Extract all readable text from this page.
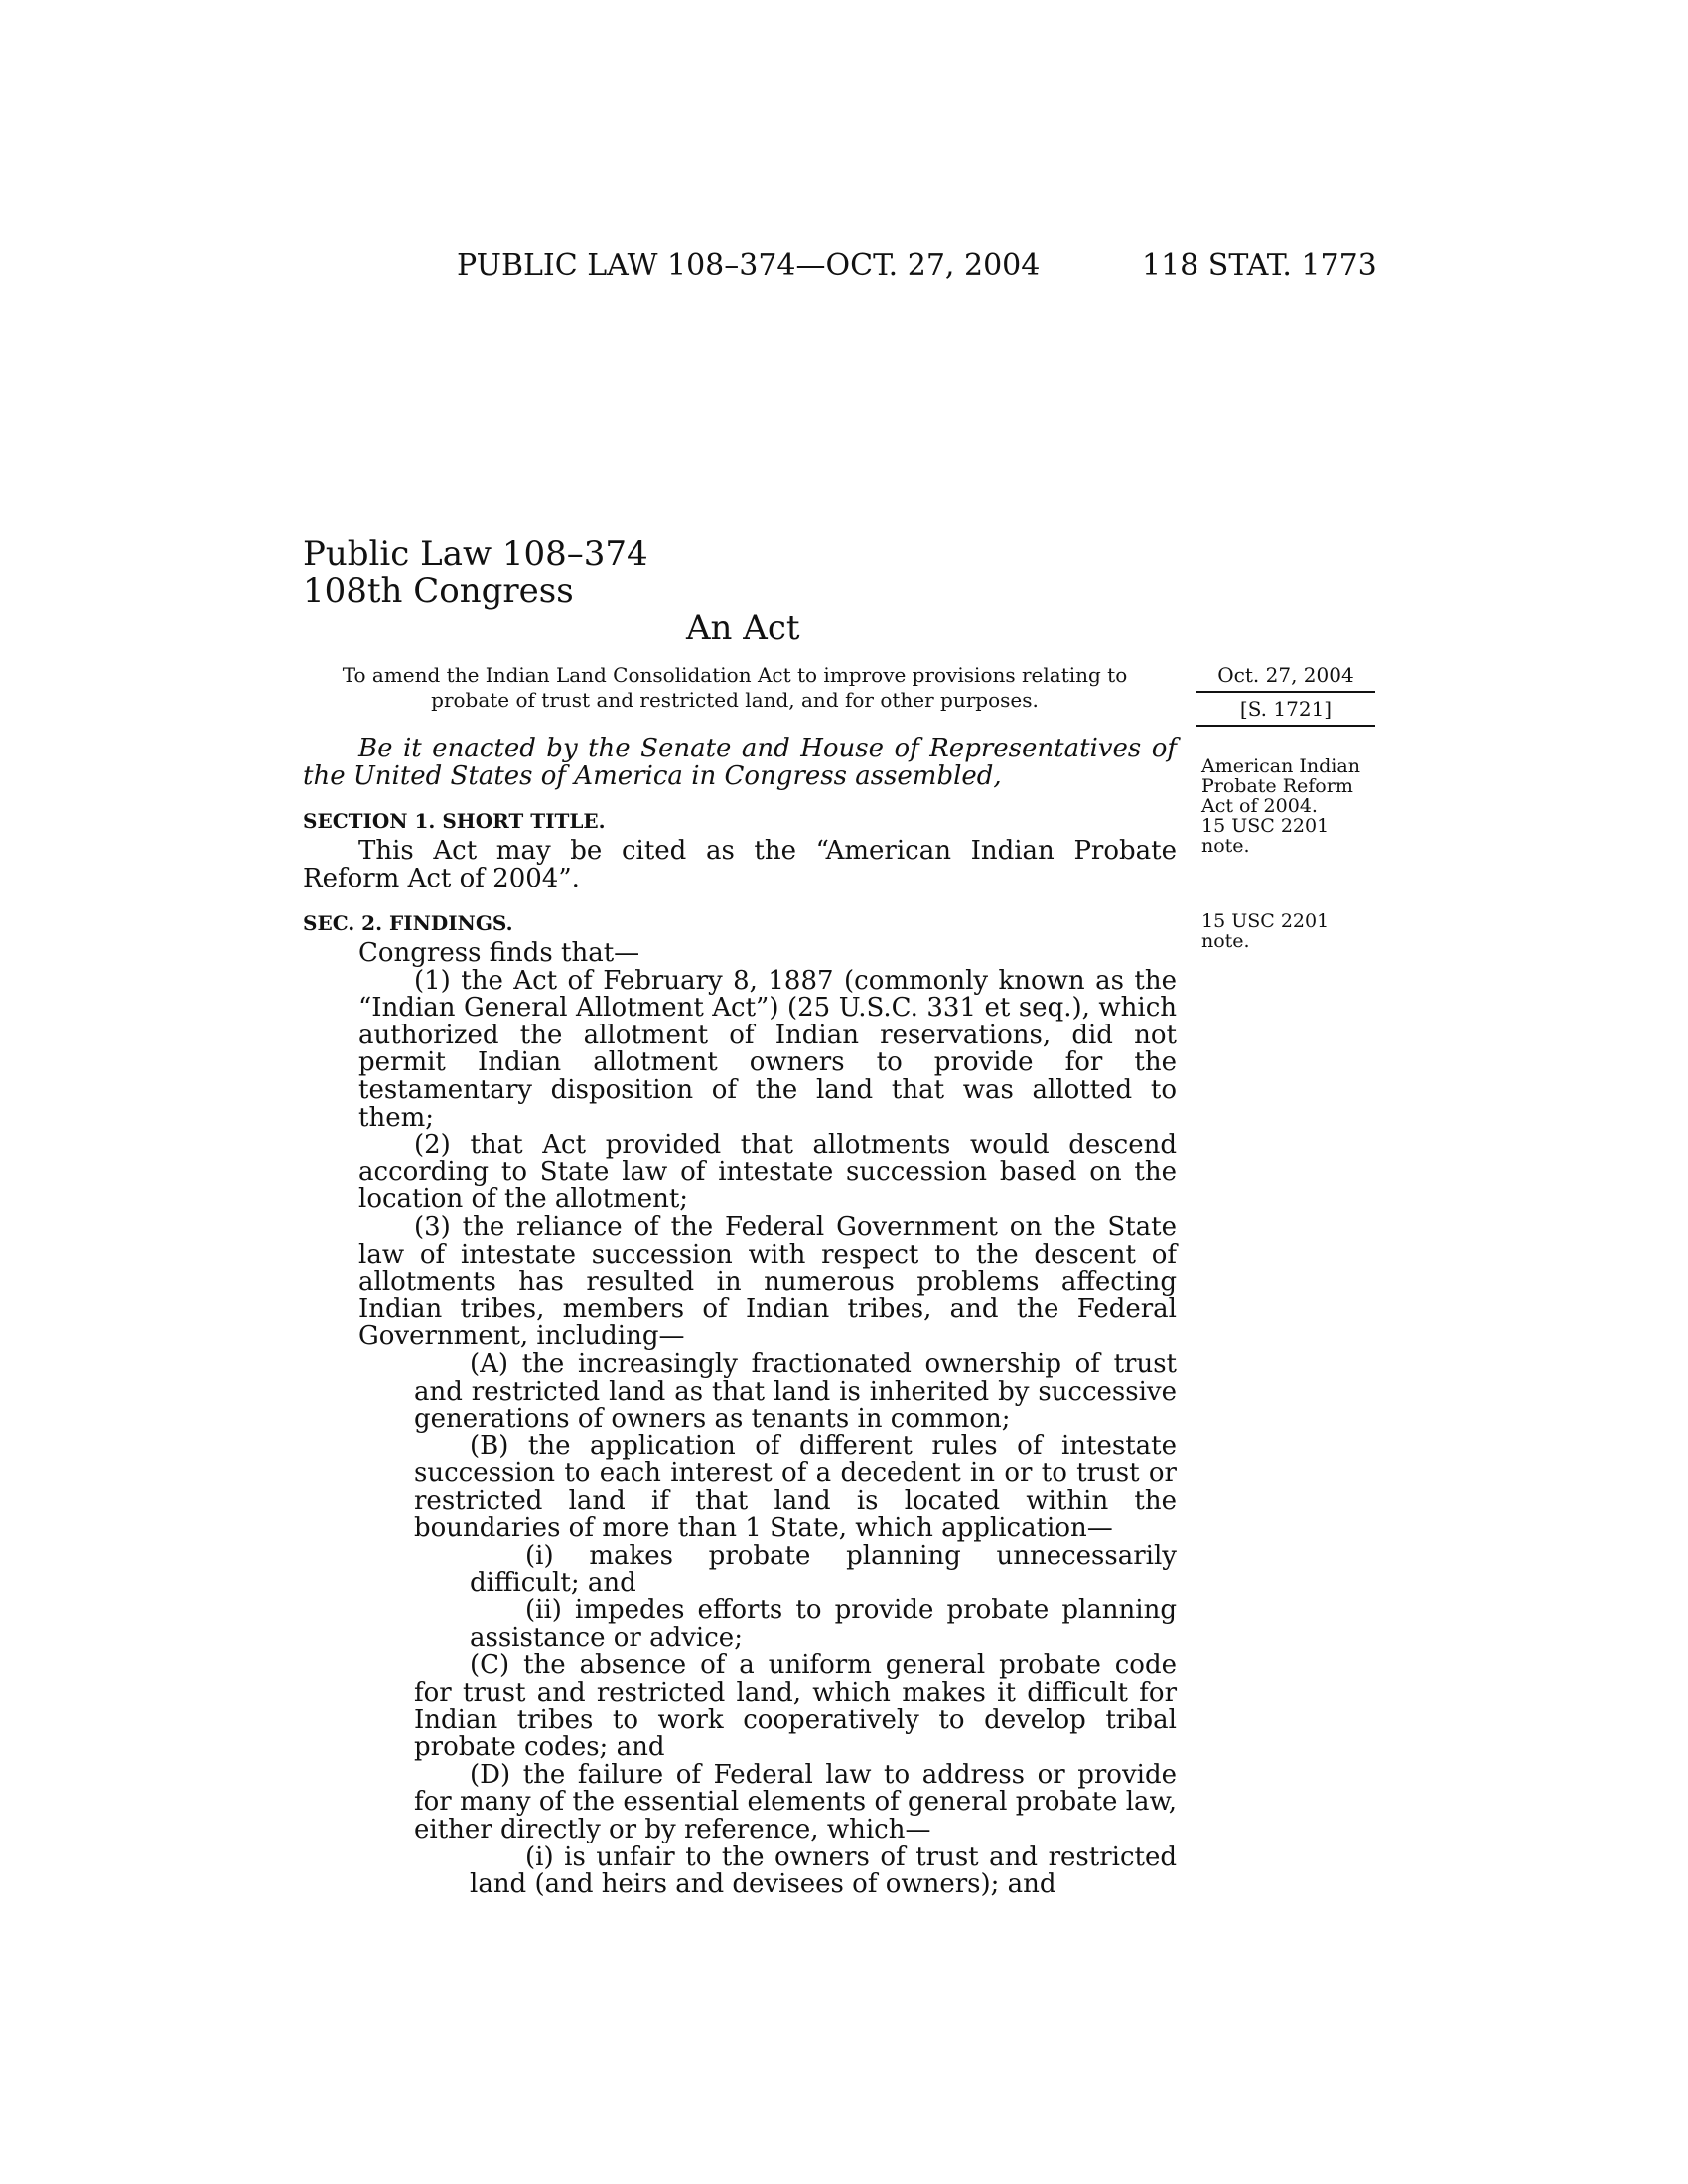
PUBLIC LAW 108–374—OCT. 27, 2004	118 STAT. 1773
Public Law 108–374
108th Congress
An Act
To amend the Indian Land Consolidation Act to improve provisions relating to
probate of trust and restricted land, and for other purposes.
Oct. 27, 2004
[S. 1721]
Be it enacted by the Senate and House of Representatives of the United States of America in Congress assembled,
SECTION 1. SHORT TITLE.
This Act may be cited as the “American Indian Probate Reform Act of 2004”.
American Indian
Probate Reform
Act of 2004.
15 USC 2201
note.
SEC. 2. FINDINGS.	15 USC 2201
note.

Congress finds that—

(1) the Act of February 8, 1887 (commonly known as the “Indian General Allotment Act”) (25 U.S.C. 331 et seq.), which authorized the allotment of Indian reservations, did not permit Indian allotment owners to provide for the testamentary disposition of the land that was allotted to them;

(2) that Act provided that allotments would descend according to State law of intestate succession based on the location of the allotment;

(3) the reliance of the Federal Government on the State law of intestate succession with respect to the descent of allotments has resulted in numerous problems affecting Indian tribes, members of Indian tribes, and the Federal Government, including—

(A) the increasingly fractionated ownership of trust and restricted land as that land is inherited by successive generations of owners as tenants in common;

(B) the application of different rules of intestate succession to each interest of a decedent in or to trust or restricted land if that land is located within the boundaries of more than 1 State, which application—

(i) makes probate planning unnecessarily difficult; and

(ii) impedes efforts to provide probate planning assistance or advice;

(C) the absence of a uniform general probate code for trust and restricted land, which makes it difficult for Indian tribes to work cooperatively to develop tribal probate codes; and

(D) the failure of Federal law to address or provide for many of the essential elements of general probate law, either directly or by reference, which—

(i) is unfair to the owners of trust and restricted land (and heirs and devisees of owners); and
